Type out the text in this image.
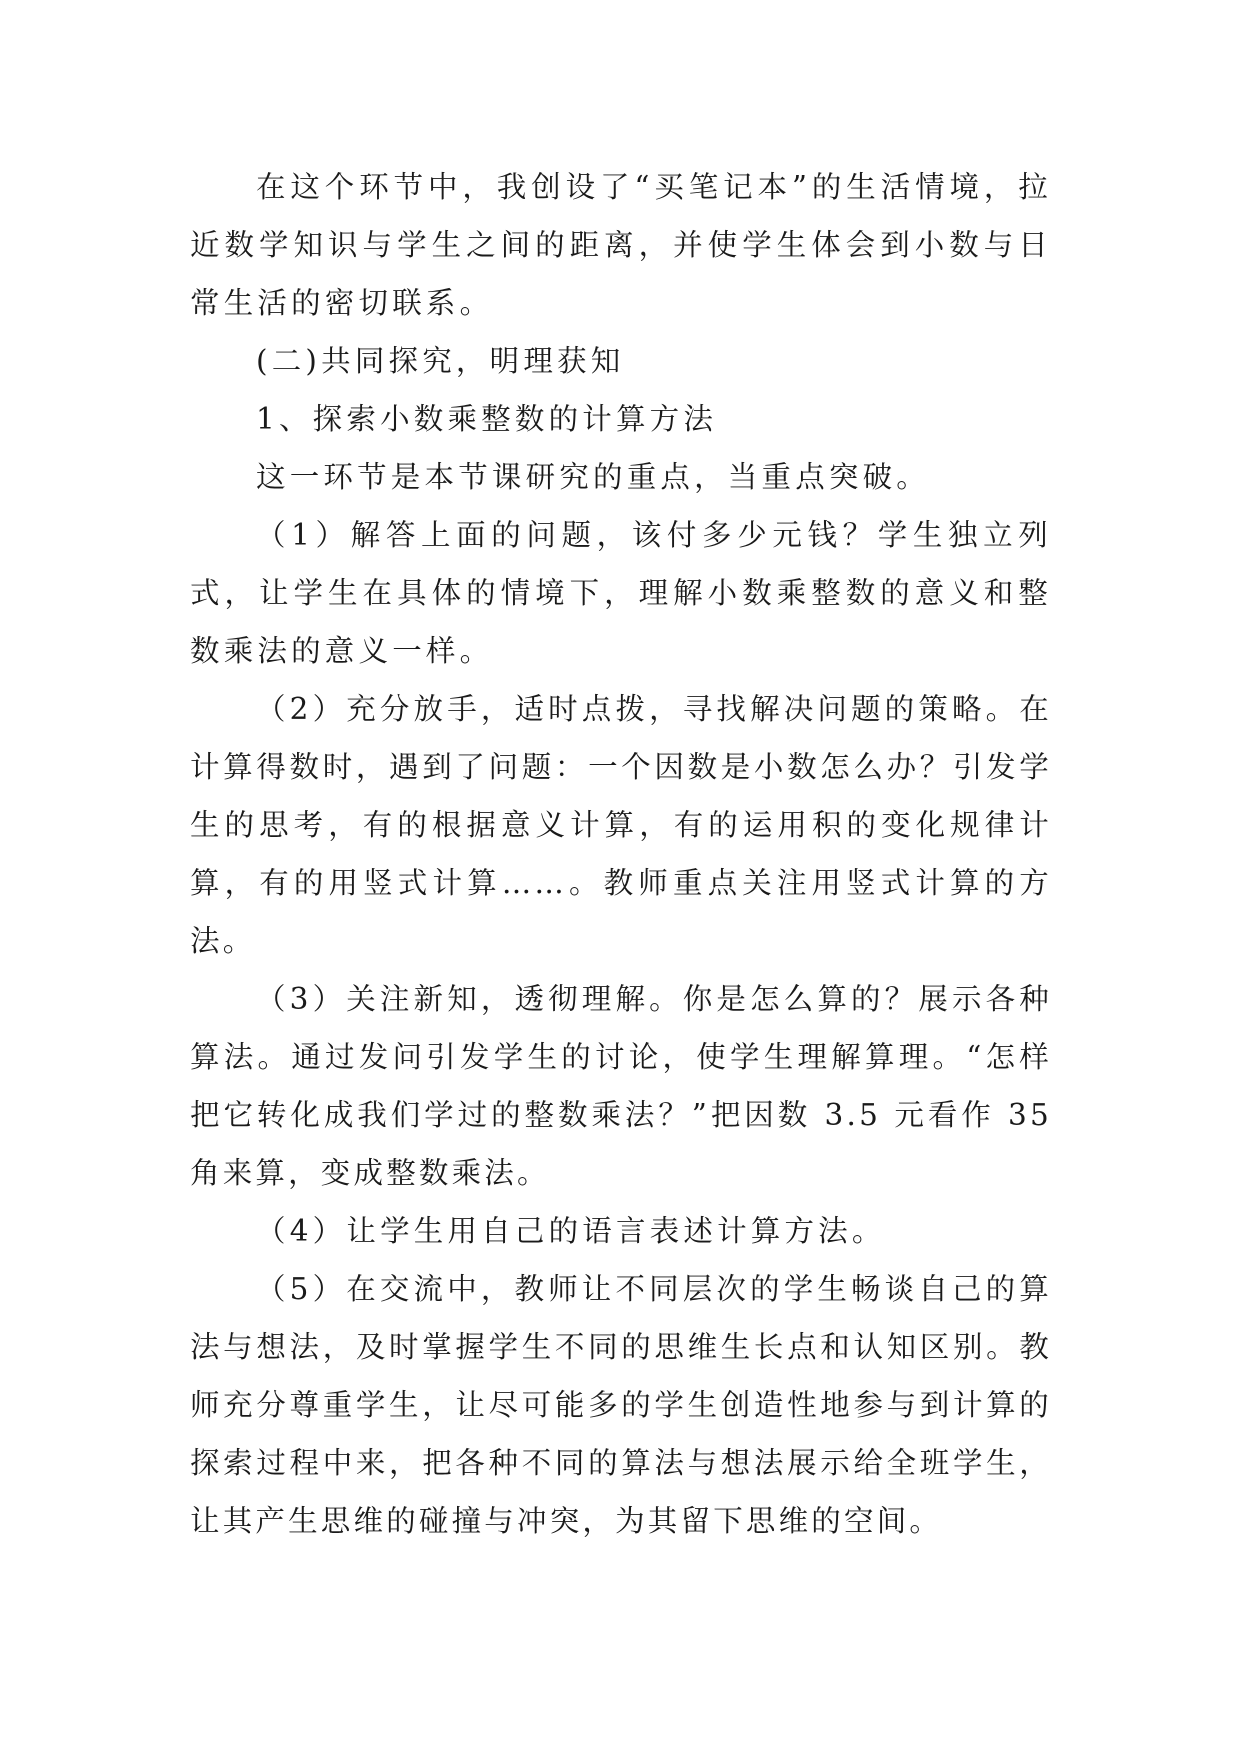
在这个环节中，我创设了“买笔记本”的生活情境，拉近数学知识与学生之间的距离，并使学生体会到小数与日常生活的密切联系。

(二)共同探究，明理获知

1、探索小数乘整数的计算方法

这一环节是本节课研究的重点，当重点突破。

（1）解答上面的问题，该付多少元钱？学生独立列式，让学生在具体的情境下，理解小数乘整数的意义和整数乘法的意义一样。

（2）充分放手，适时点拨，寻找解决问题的策略。在计算得数时，遇到了问题：一个因数是小数怎么办？引发学生的思考，有的根据意义计算，有的运用积的变化规律计算，有的用竖式计算……。教师重点关注用竖式计算的方法。

（3）关注新知，透彻理解。你是怎么算的？展示各种算法。通过发问引发学生的讨论，使学生理解算理。“怎样把它转化成我们学过的整数乘法？”把因数 3.5 元看作 35 角来算，变成整数乘法。

（4）让学生用自己的语言表述计算方法。

（5）在交流中，教师让不同层次的学生畅谈自己的算法与想法，及时掌握学生不同的思维生长点和认知区别。教师充分尊重学生，让尽可能多的学生创造性地参与到计算的探索过程中来，把各种不同的算法与想法展示给全班学生，让其产生思维的碰撞与冲突，为其留下思维的空间。
